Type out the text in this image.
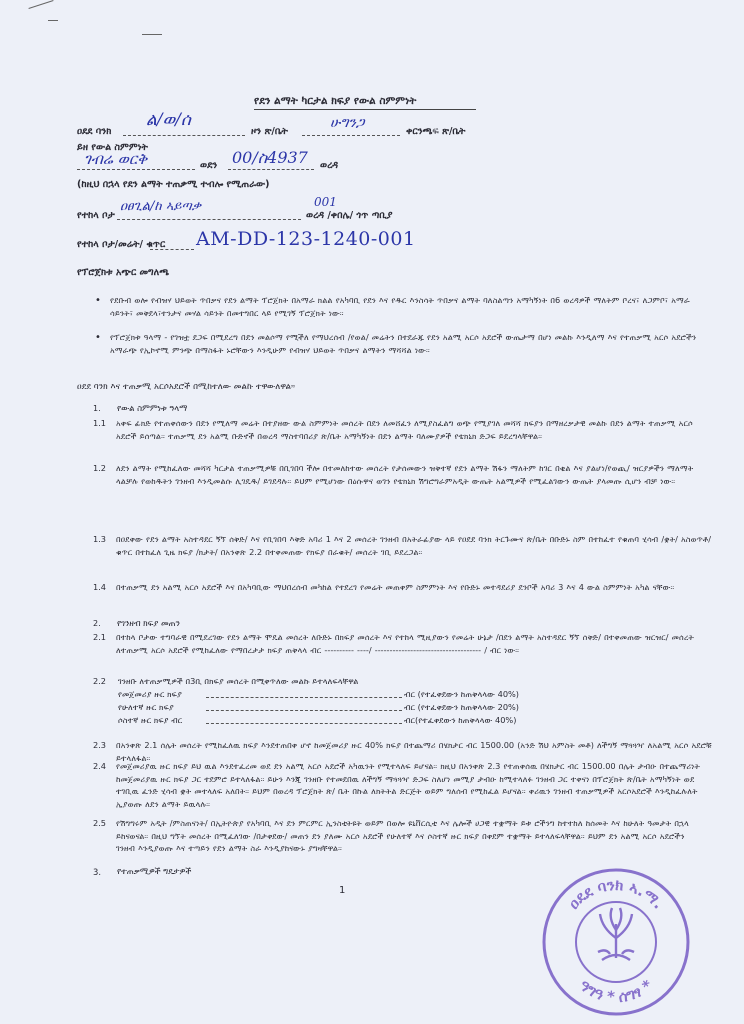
የደን ልማት ካርታል ክፍያ የውል ስምምነት
ዐደደ ባንክ
ል/ወ/ሰ
ዞን ጽ/ቤት
ሁግንጋ
ቀርንጫፍ ጽ/ቤት
ይዘ የውል ስምምነት
ገብሬ ወርቅ	ወደን 00/ስ4937 ወረዳ
(ከዚህ በኋላ የደን ልማት ተጠቃሚ ተብሎ የሚጠራው)
የተከላ ቦታ
ዐፀጊል/ከ ኣይጣቃ	001
ወረዳ /ቀበሌ/ ጎጥ ጣቢያ
የተከላ ቦታ/መሬት/ ቁጥር AM-DD-123-1240-001
የፕሮጀክቱ አጭር መግለጫ
• የደቡብ ወሎ የብዝሃ ህይወት ጥበቃና የደን ልማት ፕሮጀክት በአማራ ክልል የአካባቢ የደን እና የዱር እንስሳት ጥበቃና ልማት ባለስልጣን አማካኝነት በ6 ወረዳዎች ማለትም ቦረና፣ ለጋምቦ፣ አማራ ሳይንት፣ መቅደላ፣ተንታና መሃል ሳይንት በመተግበር ላይ የሚገኝ ፕሮጀክት ነው።
• የፕሮጀክቱ ዓላማ - የገዝቷ ደጋፍ በሚደረግ በደን መልሶማ የሚችለ የማህረሰብ /የወል/ መሬትን በተደራጁ የደን አልሚ አርሶ አደሮች ውጤታማ በሆነ መልኩ እንዲለማ እና የተጠቃሚ አርሶ አደሮችን አማራጭ የኢኮኖሚ ምንጭ በማስፋት ኑሮቸውን እንዲሁም የብዝሃ ህይወት ጥበቃና ልማትን ማሻሻል ነው።
ዐደደ ባንክ እና ተጠቃሚ አርሶአደሮች በሚከተለው መልኩ ተዋውለዋል።
1. የውል ስምምነቱ ዓላማ
1.1 አቀፍ ፊክድ የተጠቀሰውን በደን የሚለማ መሬት በተያዘው ውል ስምምነት መሰረት በደን ለመሸፈን ለሚያስፈልግ ወጭ የሚያገለ መሻሻ ክፍያን በማዘረቃታዊ መልኩ በደን ልማት ተጠቃሚ አርሶ አደሮች ይሰጣል። ተጠቃሚ ደን አልሚ ቡድኖች በወረዳ ማስተባበሪያ ጽ/ቤት አማካኝነት በደን ልማት ባለሙያዎች የቴክኒክ ድጋፍ ይደረግላቸዋል።
1.2 ለደን ልማት የሚከፈለው መሻሻ ካርታል ተጠቃሚዎቹ በቢገበባ ችሎ በተመለከተው መሰረት የታሰመውን ዝቅተኛ የደን ልማት ሽፋን ማለትም ከገር በቂል እና ያልሆነ/የወጪ/ ዝርያዎችን ማለማት ላልቻሉ የወከዱትን ገንዘብ እንዲመልሱ ሊገዴዱ/ ይገደዳሉ። ይህም የሚሆነው በዕሱዋና ወገን የቴክኒክ ሽግሮግራምአዲት ውጤት አልሚዎች የሚፈልገውን ውጤት ያላመጡ ሲሆን ብቻ ነው።
1.3 በዐደቀው የደን ልማት አስተዳደር ኝኘ ሰቅድ/ እና የቢገበባ እቅድ አባሪ 1 እና 2 መሰረት ገንዘብ በአትራፊያው ላይ የዐደደ ባንክ ትርጉሙና ጽ/ቤት በቡድኑ ስም በተከፈተ የቁጠባ ሂሳብ /ቋት/ አስወጥቶ/ ቁጥር በተከፈለ ጊዜ ክፍያ /ክታት/ በአንቀጽ 2.2 በተቀመጠው የክፍያ በራቁት/ መሰረት ገቢ ይደረጋል።
1.4 በተጠቃሚ ደን አልሚ አርሶ አደሮች እና በአካባቢው ማህበረሰብ መካከል የተደረገ የመሬት መጠቀም ስምምነት እና የቡድኑ መተዳደሪያ ደንቦች አባሪ 3 እና 4 ውል ስምምነት አካል ናቸው።
2. የገንዘብ ክፍያ መጠን
2.1 በተከላ ቦታው ተግባራዊ በሚደረገው የደን ልማት ሞዴል መሰረት ለቡድኑ በክፍያ መሰረት እና የተከላ ሚዚያውን የመሬት ሁኔታ /በደን ልማት አስተዳደር ኝኘ ሰቅድ/ በተቀመጠው ዝርዝር/ መሰረት ለተጠቃሚ አርሶ አደሮች የሚከፈለው የማበረታታ ክፍያ ጠቅላላ ብር ---------- ----/ ------------------------------------ / ብር ነው።
2.2 ገንዘቡ ለተጠቃሚዎች በ3ቢ በክፍያ መሰረት በሚቀጥለው መልኩ ይተላለፍላቸዋል
የመጀመሪያ ዙር ክፍያ	ብር (የተፈቀደውን ከጠቅላላው 40%)
የሁለተኛ ዙር ክፍያ	ብር (የተፈቀደውን ከጠቅላላው 20%)
ሶስተኛ ዙር ክፍያ ብር	ብር(የተፈቀደውን ከጠቅላላው 40%)
2.3 በአንቀጽ 2.1 ሰሌት መሰረት የሚከፈለዉ ክፍያ እንደተጠበቀ ሆኖ ከመጀመሪያ ዙር 40% ክፍያ በተጨማሪ በሄክታር ብር 1500.00 (አንድ ሽህ አምስት መቶ) ለችግኝ ማጓጓዣ ለአልሚ አርሶ አደሮቹ ይተላለፋል።
2.4 የመጀመሪያዉ ዙር ክፍያ ይህ ዉል እንደተፈረመ ወደ ደን አልሚ አርሶ አደሮች አካዉንት የሚተላለፍ ይሆናል። ክዚህ በአንቀጽ 2.3 የተጠቀሰዉ በሄክታር ብር 1500.00 በሌት ታብዑ በተጨማሪነት ከመጀመሪያዉ ዙር ክፍያ ጋር ተደምሮ ይተላለፋል። ይሁን እንጂ ገንዘቡ የተመደበዉ ለችግኝ ማጓጓዣ ድጋፍ ስለሆነ መሚያ ታብዑ ከሚተላለፉ ገንዘብ ጋር ተቀናነ በፕሮጀክት ጽ/ቤት አማካኝነት ወደ ተገቢዉ ፈንድ ሂሳብ ቋት መተላለፍ አለበት። ይህም በወረዳ ፕሮጀክት ጽ/ ቤት በኩል ለክትትል ድርጅት ወይም ግለሰብ የሚከፈል ይሆናል። ቀሪዉን ገንዘብ ተጠቃሚዎች አርሶአደሮች እንዲከፈሉለት ኢያወጡ ለደን ልማት ይዉላሉ።
2.5 የሽግግሩም አዲት /ምስጠናነት/ በኢትዮጵያ የአካባቢ እና ደን ምርምር ኢንስቲትዩት ወይም በወሎ ዩኒቨርሲቲ እና ሌሎች ሀጋዊ ተቋማት ይቱ ሮችንግ ከተተከለ ከሰመት እና ከሁለት ዓመታት በኋላ ይከናወናል። በዚህ ግኘት መሰረት በሚፈለገው /በታቀደው/ መጠን ደን ያለሙ አርሶ አደሮች የሁለተኛ እና ሶስተኛ ዙር ክፍያ በቀደም ተቋማት ይተላለፍላቸዋል። ይህም ደን አልሚ አርሶ አደሮችን ገንዘብ እንዲያወጡ እና ተጣይን የደን ልማት ስራ እንዲያከናውኑ ያግዛቸዋል።
3. የተጠቃሚዎች ግዴታዎች
1
ዐደደ ባንክ ኣ.ማ.
ዓግዓ * ሰግፃ *
